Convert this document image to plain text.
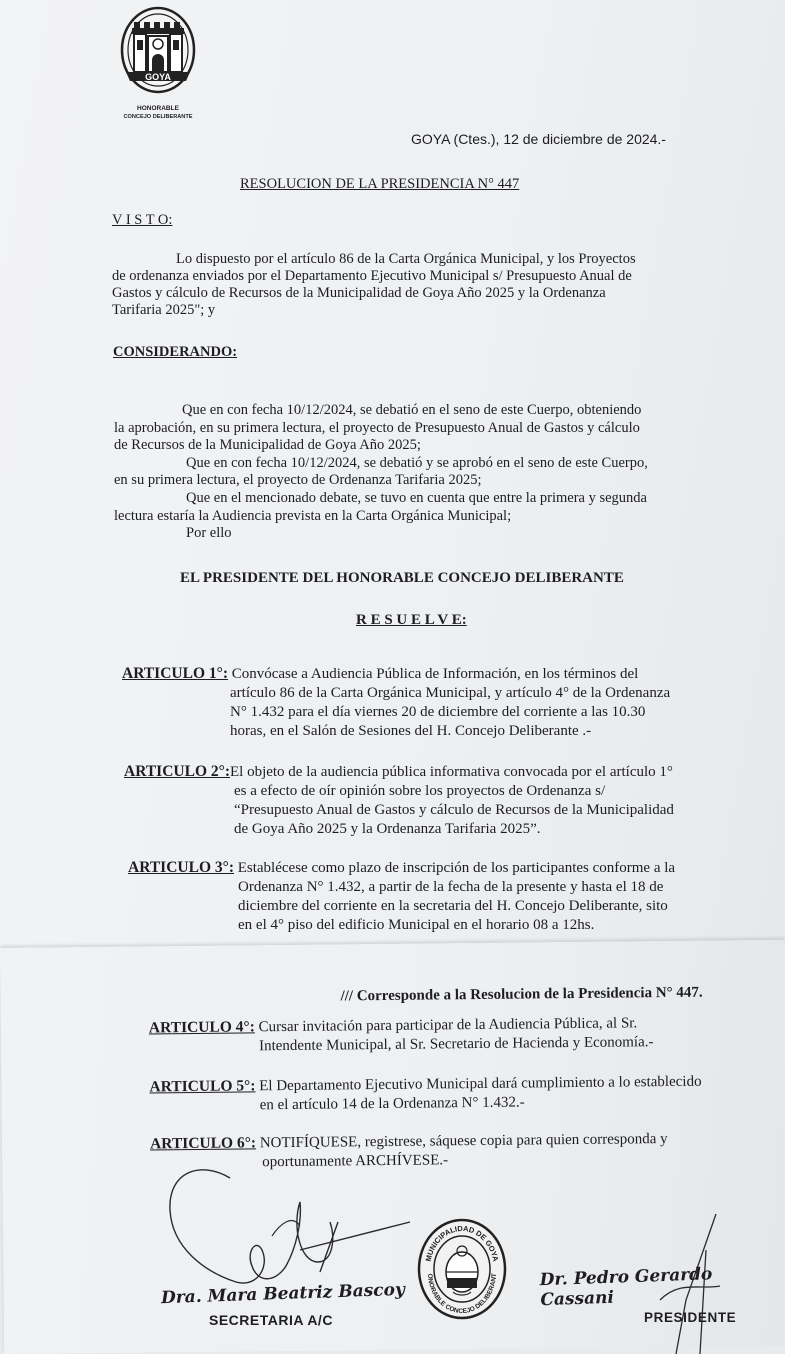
GOYA
HONORABLE
CONCEJO DELIBERANTE
GOYA (Ctes.), 12 de diciembre de 2024.-
RESOLUCION DE LA PRESIDENCIA N° 447
V I S T O:
Lo dispuesto por el artículo 86 de la Carta Orgánica Municipal, y los Proyectos
de ordenanza enviados por el Departamento Ejecutivo Municipal s/ Presupuesto Anual de
Gastos y cálculo de Recursos de la Municipalidad de Goya Año 2025 y la Ordenanza
Tarifaria 2025"; y
CONSIDERANDO:
Que en con fecha 10/12/2024, se debatió en el seno de este Cuerpo, obteniendo
la aprobación, en su primera lectura, el proyecto de Presupuesto Anual de Gastos y cálculo
de Recursos de la Municipalidad de Goya Año 2025;
Que en con fecha 10/12/2024, se debatió y se aprobó en el seno de este Cuerpo,
en su primera lectura, el proyecto de Ordenanza Tarifaria 2025;
Que en el mencionado debate, se tuvo en cuenta que entre la primera y segunda
lectura estaría la Audiencia prevista en la Carta Orgánica Municipal;
Por ello
EL PRESIDENTE DEL HONORABLE CONCEJO DELIBERANTE
R E S U E L V E:
ARTICULO 1°: Convócase a Audiencia Pública de Información, en los términos del
artículo 86 de la Carta Orgánica Municipal, y artículo 4° de la Ordenanza
N° 1.432 para el día viernes 20 de diciembre del corriente a las 10.30
horas, en el Salón de Sesiones del H. Concejo Deliberante .-
ARTICULO 2°:El objeto de la audiencia pública informativa convocada por el artículo 1°
es a efecto de oír opinión sobre los proyectos de Ordenanza s/
“Presupuesto Anual de Gastos y cálculo de Recursos de la Municipalidad
de Goya Año 2025 y la Ordenanza Tarifaria 2025”.
ARTICULO 3°: Establécese como plazo de inscripción de los participantes conforme a la
Ordenanza N° 1.432, a partir de la fecha de la presente y hasta el 18 de
diciembre del corriente en la secretaria del H. Concejo Deliberante, sito
en el 4° piso del edificio Municipal en el horario 08 a 12hs.
/// Corresponde a la Resolucion de la Presidencia N° 447.
ARTICULO 4°: Cursar invitación para participar de la Audiencia Pública, al Sr.
Intendente Municipal, al Sr. Secretario de Hacienda y Economía.-
ARTICULO 5°: El Departamento Ejecutivo Municipal dará cumplimiento a lo establecido
en el artículo 14 de la Ordenanza N° 1.432.-
ARTICULO 6°: NOTIFÍQUESE, registrese, sáquese copia para quien corresponda y
oportunamente ARCHÍVESE.-
MUNICIPALIDAD DE GOYA
ONORABLE CONCEJO DELIBERANT
Dra. Mara Beatriz Bascoy
SECRETARIA A/C
Dr. Pedro Gerardo Cassani
PRESIDENTE
